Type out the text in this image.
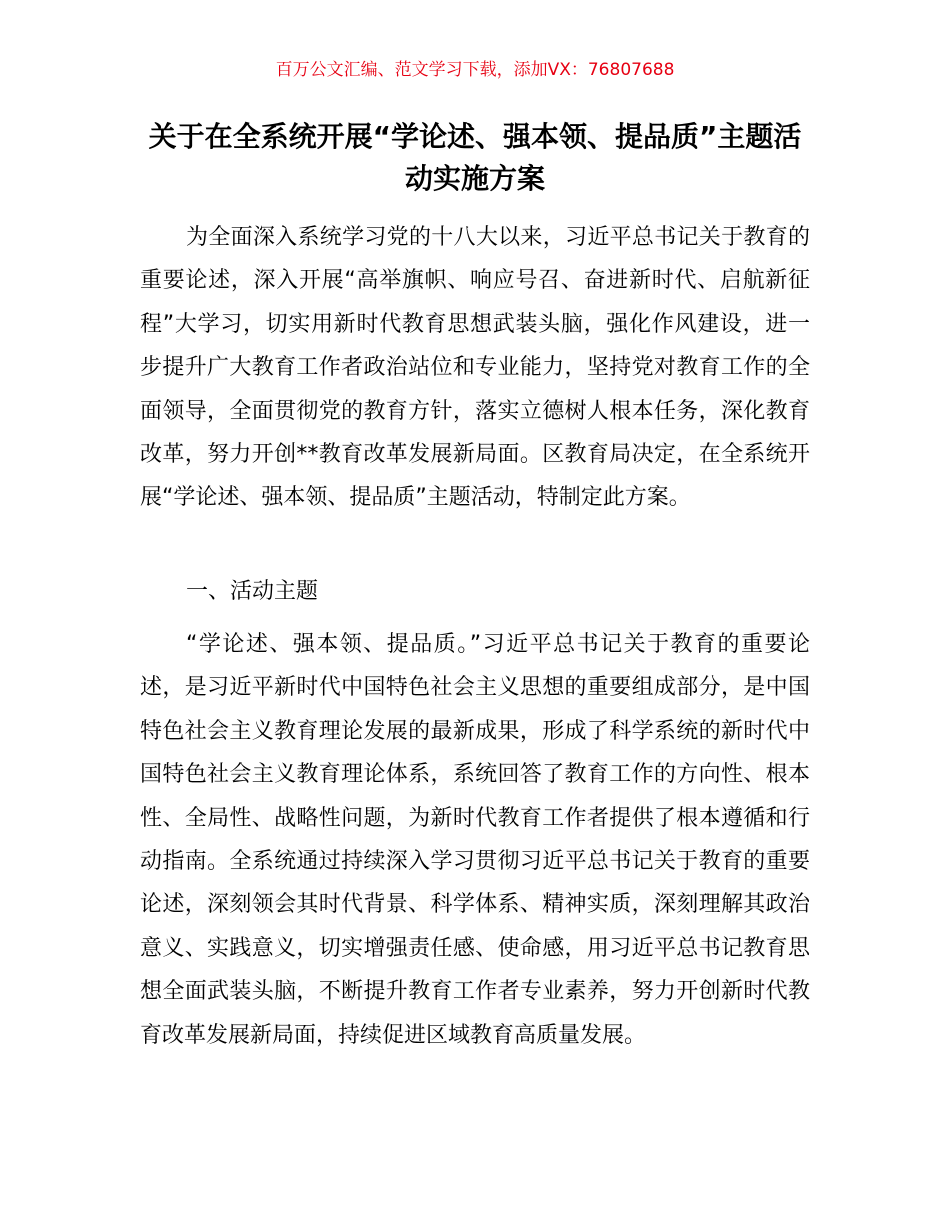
百万公文汇编、范文学习下载，添加VX：76807688
关于在全系统开展“学论述、强本领、提品质”主题活动实施方案

为全面深入系统学习党的十八大以来，习近平总书记关于教育的重要论述，深入开展“高举旗帜、响应号召、奋进新时代、启航新征程”大学习，切实用新时代教育思想武装头脑，强化作风建设，进一步提升广大教育工作者政治站位和专业能力，坚持党对教育工作的全面领导，全面贯彻党的教育方针，落实立德树人根本任务，深化教育改革，努力开创**教育改革发展新局面。区教育局决定，在全系统开展“学论述、强本领、提品质”主题活动，特制定此方案。

一、活动主题

“学论述、强本领、提品质。”习近平总书记关于教育的重要论述，是习近平新时代中国特色社会主义思想的重要组成部分，是中国特色社会主义教育理论发展的最新成果，形成了科学系统的新时代中国特色社会主义教育理论体系，系统回答了教育工作的方向性、根本性、全局性、战略性问题，为新时代教育工作者提供了根本遵循和行动指南。全系统通过持续深入学习贯彻习近平总书记关于教育的重要论述，深刻领会其时代背景、科学体系、精神实质，深刻理解其政治意义、实践意义，切实增强责任感、使命感，用习近平总书记教育思想全面武装头脑，不断提升教育工作者专业素养，努力开创新时代教育改革发展新局面，持续促进区域教育高质量发展。
